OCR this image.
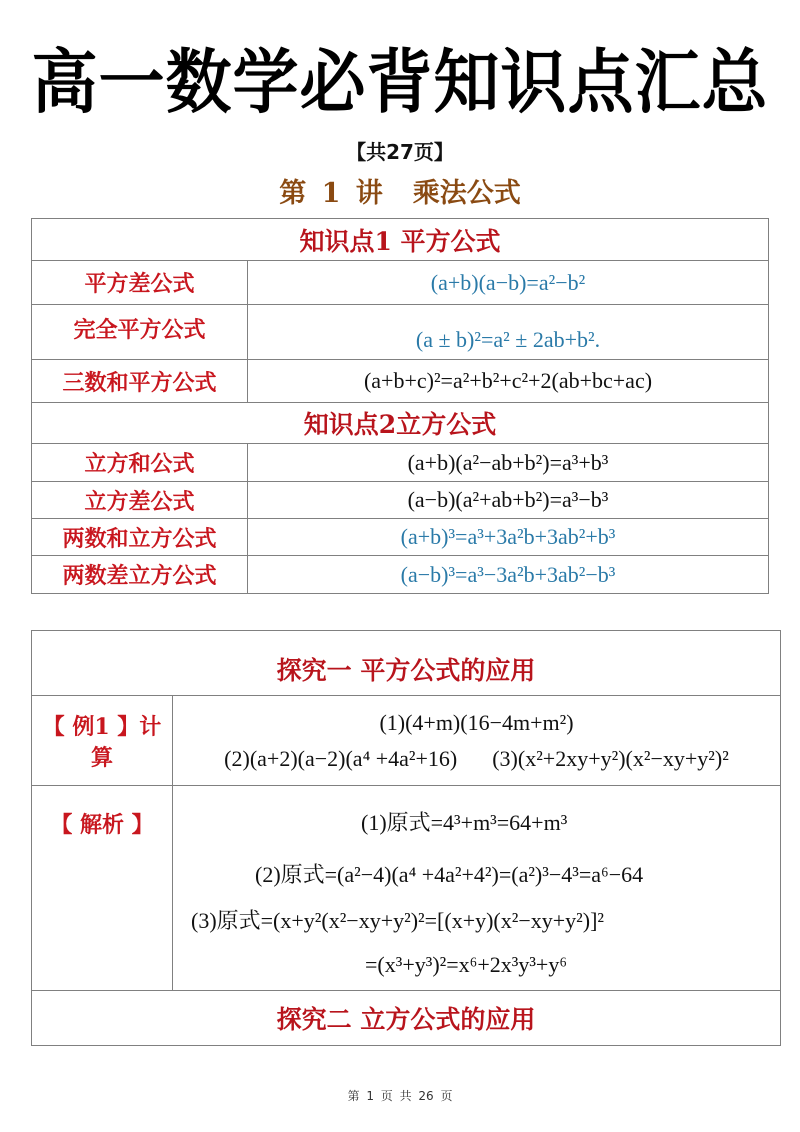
高一数学必背知识点汇总
【共27页】
第 1 讲 乘法公式
知识点1 平方公式	
平方差公式	(a+b)(a−b)=a²−b²
完全平方公式	(a ± b)²=a² ± 2ab+b².
三数和平方公式	(a+b+c)²=a²+b²+c²+2(ab+bc+ac)
知识点2立方公式	
立方和公式	(a+b)(a²−ab+b²)=a³+b³
立方差公式	(a−b)(a²+ab+b²)=a³−b³
两数和立方公式	(a+b)³=a³+3a²b+3ab²+b³
两数差立方公式	(a−b)³=a³−3a²b+3ab²−b³
探究一 平方公式的应用	
【 例1 】计算	(1)(4+m)(16−4m+m²)
(2)(a+2)(a−2)(a⁴ +4a²+16) (3)(x²+2xy+y²)(x²−xy+y²)²

【 解析 】	(1)原式=4³+m³=64+m³
(2)原式=(a²−4)(a⁴ +4a²+4²)=(a²)³−4³=a⁶−64
(3)原式=(x+y²(x²−xy+y²)²=[(x+y)(x²−xy+y²)]²
=(x³+y³)²=x⁶+2x³y³+y⁶

探究二 立方公式的应用	
第 1 页 共 26 页
